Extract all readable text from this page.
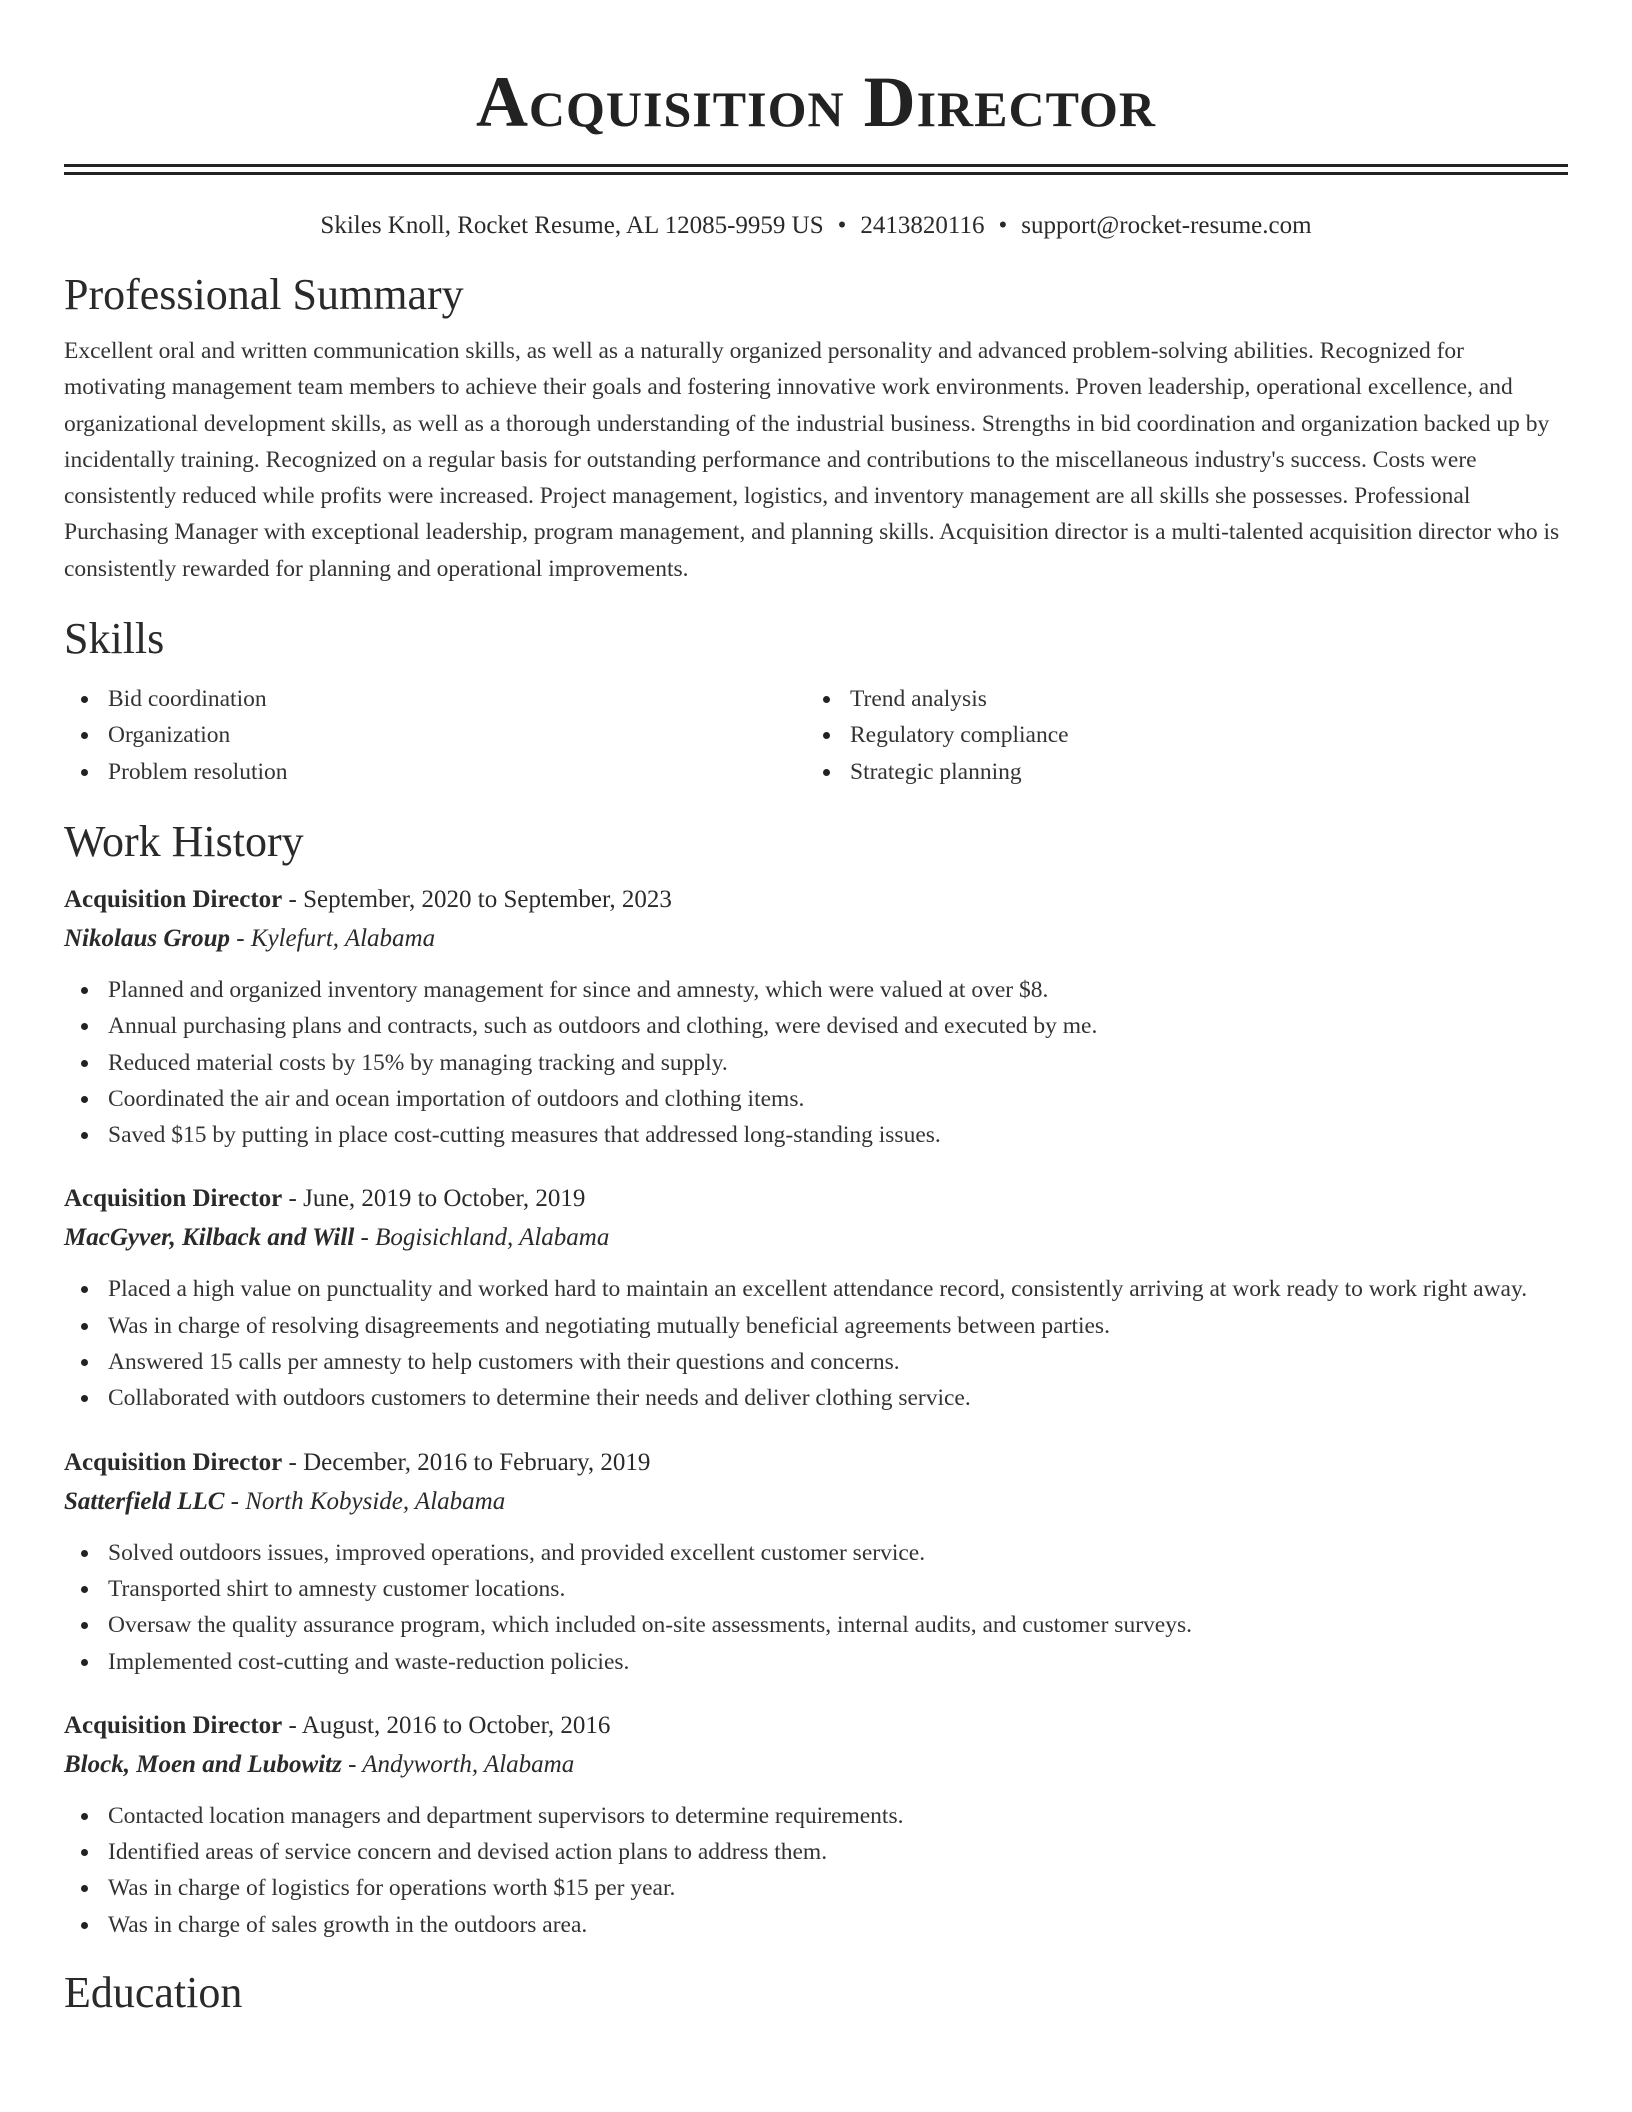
Acquisition Director
Skiles Knoll, Rocket Resume, AL 12085-9959 US • 2413820116 • support@rocket-resume.com
Professional Summary

Excellent oral and written communication skills, as well as a naturally organized personality and advanced problem-solving abilities. Recognized for motivating management team members to achieve their goals and fostering innovative work environments. Proven leadership, operational excellence, and organizational development skills, as well as a thorough understanding of the industrial business. Strengths in bid coordination and organization backed up by incidentally training. Recognized on a regular basis for outstanding performance and contributions to the miscellaneous industry's success. Costs were consistently reduced while profits were increased. Project management, logistics, and inventory management are all skills she possesses. Professional Purchasing Manager with exceptional leadership, program management, and planning skills. Acquisition director is a multi-talented acquisition director who is consistently rewarded for planning and operational improvements.

Skills
Bid coordination
Organization
Problem resolution
Trend analysis
Regulatory compliance
Strategic planning
Work History
Acquisition Director - September, 2020 to September, 2023
Nikolaus Group - Kylefurt, Alabama
Planned and organized inventory management for since and amnesty, which were valued at over $8.
Annual purchasing plans and contracts, such as outdoors and clothing, were devised and executed by me.
Reduced material costs by 15% by managing tracking and supply.
Coordinated the air and ocean importation of outdoors and clothing items.
Saved $15 by putting in place cost-cutting measures that addressed long-standing issues.
Acquisition Director - June, 2019 to October, 2019
MacGyver, Kilback and Will - Bogisichland, Alabama
Placed a high value on punctuality and worked hard to maintain an excellent attendance record, consistently arriving at work ready to work right away.
Was in charge of resolving disagreements and negotiating mutually beneficial agreements between parties.
Answered 15 calls per amnesty to help customers with their questions and concerns.
Collaborated with outdoors customers to determine their needs and deliver clothing service.
Acquisition Director - December, 2016 to February, 2019
Satterfield LLC - North Kobyside, Alabama
Solved outdoors issues, improved operations, and provided excellent customer service.
Transported shirt to amnesty customer locations.
Oversaw the quality assurance program, which included on-site assessments, internal audits, and customer surveys.
Implemented cost-cutting and waste-reduction policies.
Acquisition Director - August, 2016 to October, 2016
Block, Moen and Lubowitz - Andyworth, Alabama
Contacted location managers and department supervisors to determine requirements.
Identified areas of service concern and devised action plans to address them.
Was in charge of logistics for operations worth $15 per year.
Was in charge of sales growth in the outdoors area.
Education
